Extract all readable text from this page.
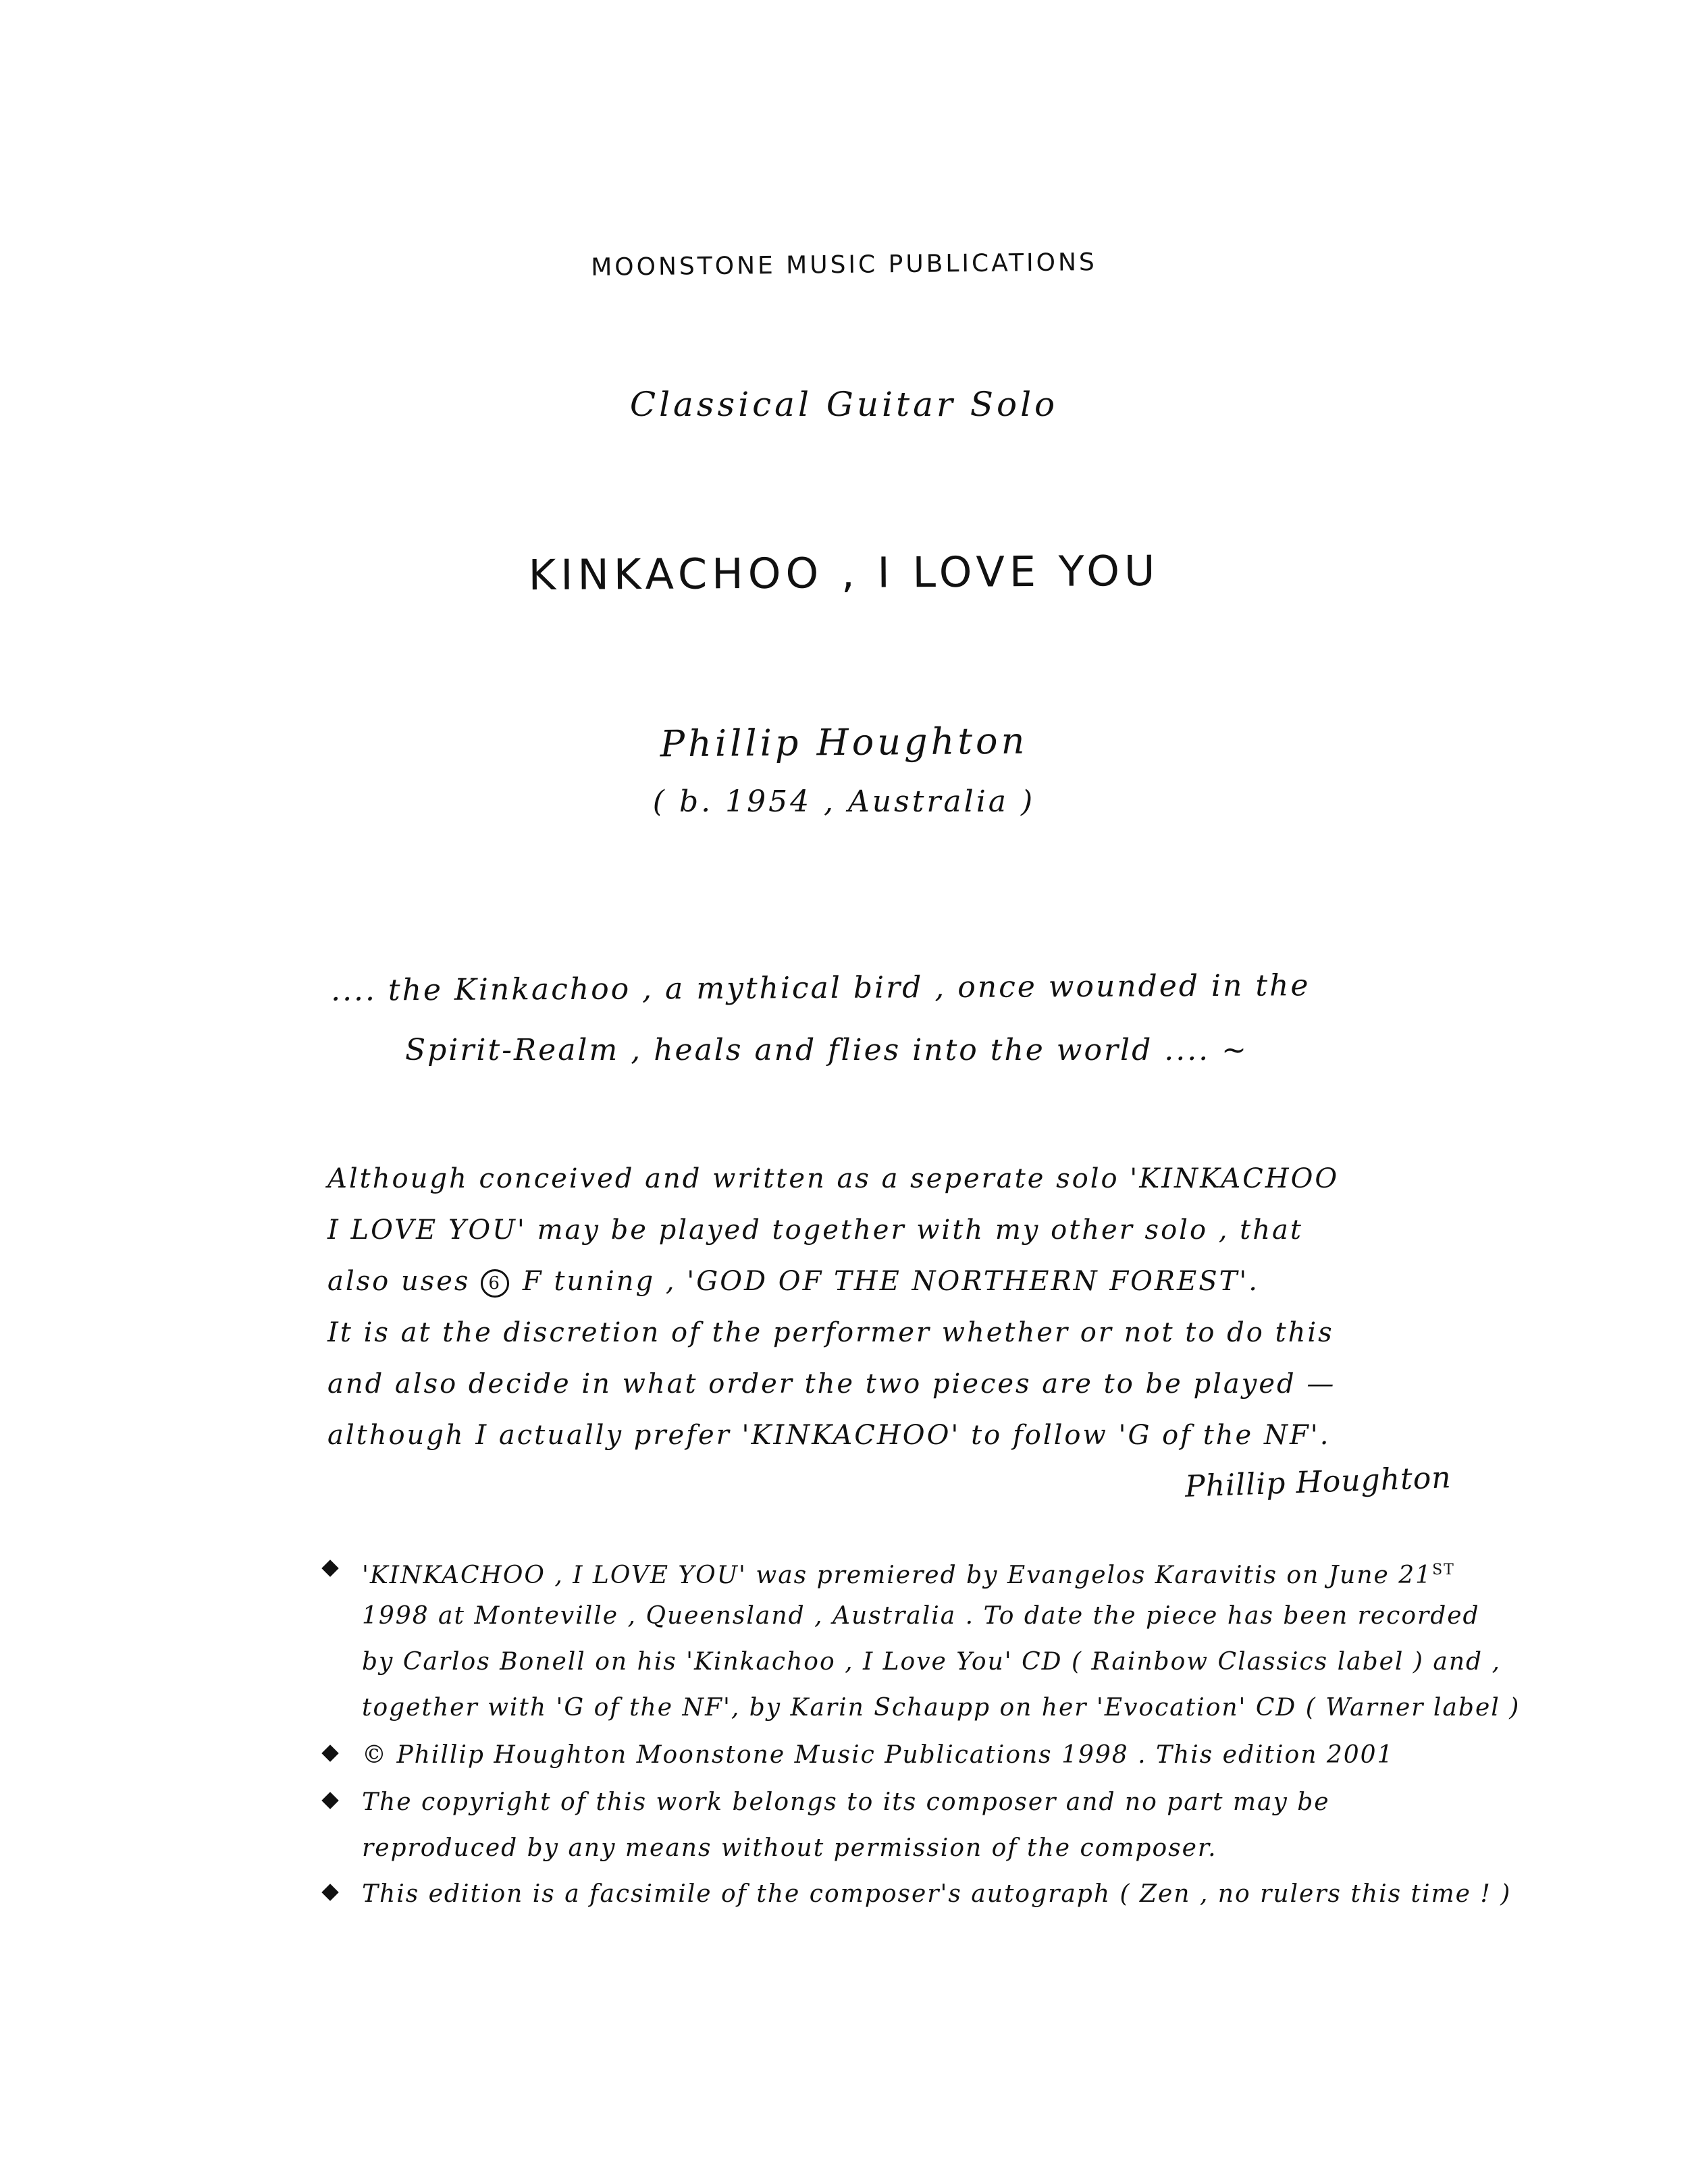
MOONSTONE MUSIC PUBLICATIONS
Classical Guitar Solo
KINKACHOO , I LOVE YOU
Phillip Houghton
( b. 1954 , Australia )
.... the Kinkachoo , a mythical bird , once wounded in the
Spirit-Realm , heals and flies into the world .... ~
Although conceived and written as a seperate solo 'KINKACHOO
I LOVE YOU' may be played together with my other solo , that
also uses 6 F tuning , 'GOD OF THE NORTHERN FOREST'.
It is at the discretion of the performer whether or not to do this
and also decide in what order the two pieces are to be played —
although I actually prefer 'KINKACHOO' to follow 'G of the NF'.
Phillip Houghton
'KINKACHOO , I LOVE YOU' was premiered by Evangelos Karavitis on June 21ST
1998 at Monteville , Queensland , Australia . To date the piece has been recorded
by Carlos Bonell on his 'Kinkachoo , I Love You' CD ( Rainbow Classics label ) and ,
together with 'G of the NF', by Karin Schaupp on her 'Evocation' CD ( Warner label )
© Phillip Houghton Moonstone Music Publications 1998 . This edition 2001
The copyright of this work belongs to its composer and no part may be
reproduced by any means without permission of the composer.
This edition is a facsimile of the composer's autograph ( Zen , no rulers this time ! )
